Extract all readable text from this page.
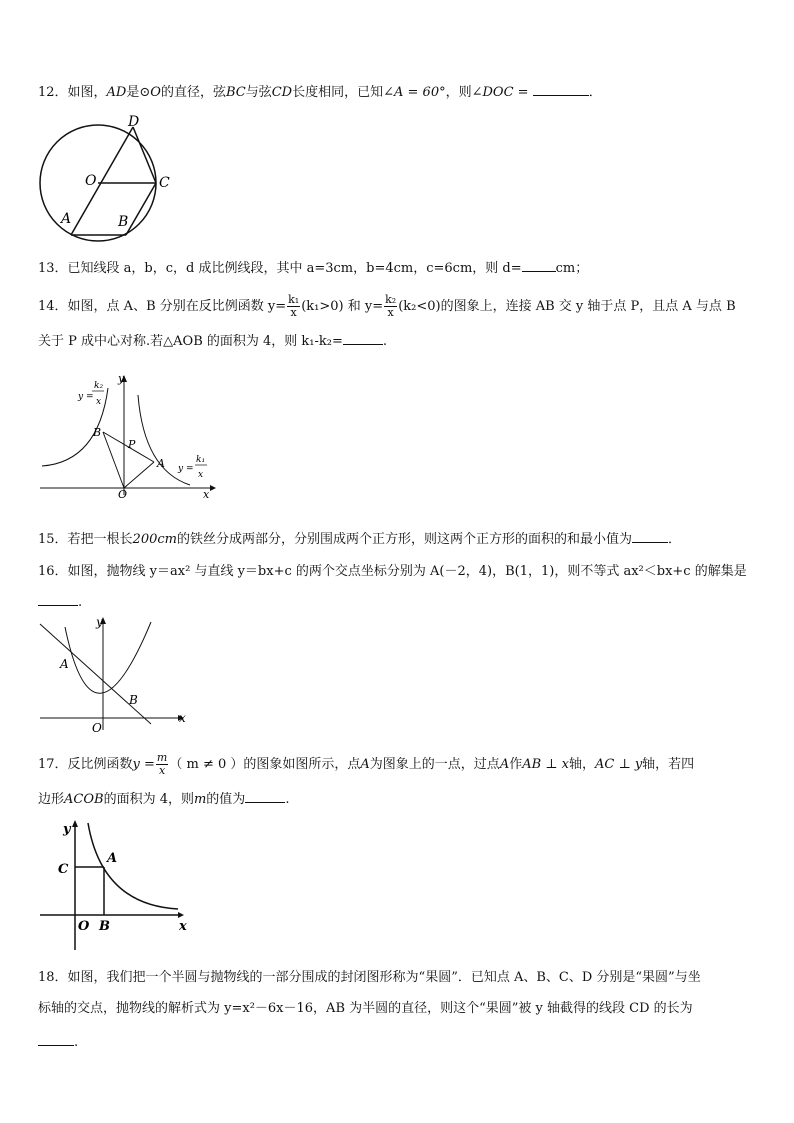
12．如图，AD是⊙O的直径，弦BC与弦CD长度相同，已知∠A = 60°，则∠DOC =	．
D
O	C
A	B
13．已知线段 a，b，c，d 成比例线段，其中 a=3cm，b=4cm，c=6cm，则 d=	cm；
14．如图，点 A、B 分别在反比例函数 $y= \frac{\text{k₁}}{x} (k_1>0)$ 和 $y= \frac{\text{k₂}}{x} (k_2<0)$的图象上，连接 AB 交 y 轴于点 P，且点 A 与点 B
关于 P 成中心对称.若△AOB 的面积为 4，则 k₁-k₂=	.
y
x
O
B
P
A
y =
k₂
x
y =
k₁
x
15．若把一根长200cm的铁丝分成两部分，分别围成两个正方形，则这两个正方形的面积的和最小值为	．
16．如图，抛物线 y＝ax² 与直线 y＝bx+c 的两个交点坐标分别为 A(－2，4)，B(1，1)，则不等式 ax²＜bx+c 的解集是
.
y
x
O
A
B
17．反比例函数$y = \frac{m}{x}$ （ m ≠ 0 ）的图象如图所示，点A为图象上的一点，过点A作AB ⊥ x轴，AC ⊥ y轴，若四
边形ACOB的面积为 4，则m的值为	.
y
x
O B
C
A
18．如图，我们把一个半圆与抛物线的一部分围成的封闭图形称为“果圆”．已知点 A、B、C、D 分别是“果圆”与坐
标轴的交点，抛物线的解析式为 y=x²－6x－16，AB 为半圆的直径，则这个“果圆”被 y 轴截得的线段 CD 的长为
.
